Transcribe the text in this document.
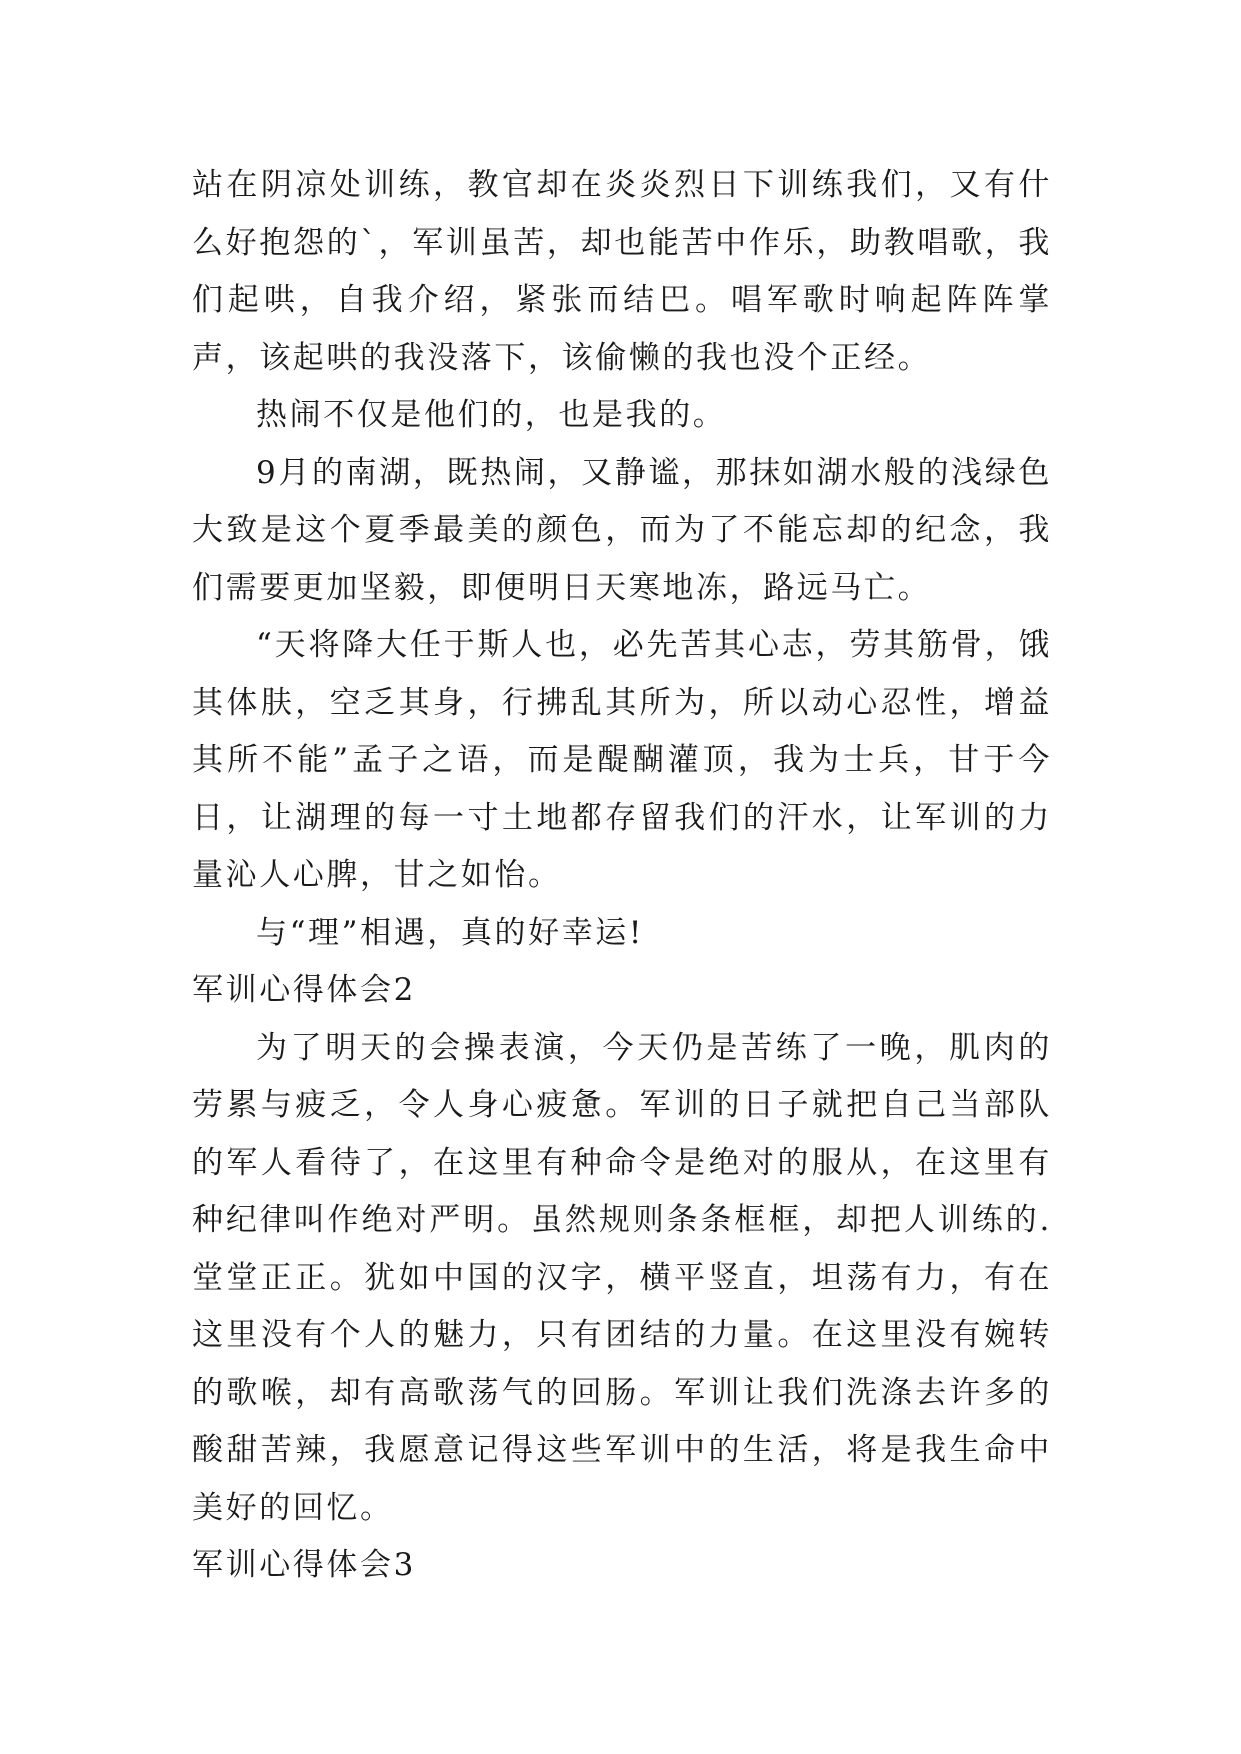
站在阴凉处训练，教官却在炎炎烈日下训练我们，又有什么好抱怨的`，军训虽苦，却也能苦中作乐，助教唱歌，我们起哄，自我介绍，紧张而结巴。唱军歌时响起阵阵掌声，该起哄的我没落下，该偷懒的我也没个正经。

热闹不仅是他们的，也是我的。

9月的南湖，既热闹，又静谧，那抹如湖水般的浅绿色大致是这个夏季最美的颜色，而为了不能忘却的纪念，我们需要更加坚毅，即便明日天寒地冻，路远马亡。

“天将降大任于斯人也，必先苦其心志，劳其筋骨，饿其体肤，空乏其身，行拂乱其所为，所以动心忍性，增益其所不能”孟子之语，而是醍醐灌顶，我为士兵，甘于今日，让湖理的每一寸土地都存留我们的汗水，让军训的力量沁人心脾，甘之如怡。

与“理”相遇，真的好幸运!

军训心得体会2

为了明天的会操表演，今天仍是苦练了一晚，肌肉的劳累与疲乏，令人身心疲惫。军训的日子就把自己当部队的军人看待了，在这里有种命令是绝对的服从，在这里有种纪律叫作绝对严明。虽然规则条条框框，却把人训练的.堂堂正正。犹如中国的汉字，横平竖直，坦荡有力，有在这里没有个人的魅力，只有团结的力量。在这里没有婉转的歌喉，却有高歌荡气的回肠。军训让我们洗涤去许多的酸甜苦辣，我愿意记得这些军训中的生活，将是我生命中美好的回忆。

军训心得体会3
